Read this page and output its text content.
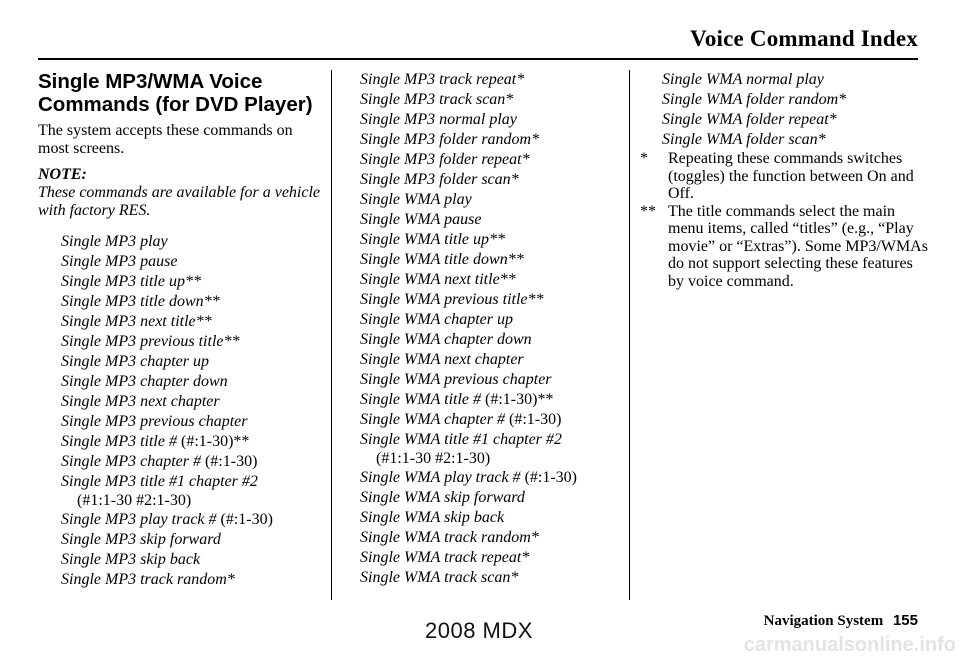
Voice Command Index
Single MP3/WMA Voice
Commands (for DVD Player)

The system accepts these commands on most screens.

NOTE:

These commands are available for a vehicle with factory RES.

Single MP3 play
Single MP3 pause
Single MP3 title up**
Single MP3 title down**
Single MP3 next title**
Single MP3 previous title**
Single MP3 chapter up
Single MP3 chapter down
Single MP3 next chapter
Single MP3 previous chapter
Single MP3 title # (#:1-30)**
Single MP3 chapter # (#:1-30)
Single MP3 title #1 chapter #2
(#1:1-30 #2:1-30)
Single MP3 play track # (#:1-30)
Single MP3 skip forward
Single MP3 skip back
Single MP3 track random*
Single MP3 track repeat*
Single MP3 track scan*
Single MP3 normal play
Single MP3 folder random*
Single MP3 folder repeat*
Single MP3 folder scan*
Single WMA play
Single WMA pause
Single WMA title up**
Single WMA title down**
Single WMA next title**
Single WMA previous title**
Single WMA chapter up
Single WMA chapter down
Single WMA next chapter
Single WMA previous chapter
Single WMA title # (#:1-30)**
Single WMA chapter # (#:1-30)
Single WMA title #1 chapter #2
(#1:1-30 #2:1-30)
Single WMA play track # (#:1-30)
Single WMA skip forward
Single WMA skip back
Single WMA track random*
Single WMA track repeat*
Single WMA track scan*
Single WMA normal play
Single WMA folder random*
Single WMA folder repeat*
Single WMA folder scan*

* Repeating these commands switches (toggles) the function between On and Off.

** The title commands select the main menu items, called “titles” (e.g., “Play movie” or “Extras”). Some MP3/WMAs do not support selecting these features by voice command.

Navigation System 155
2008 MDX
carmanualsonline.info
